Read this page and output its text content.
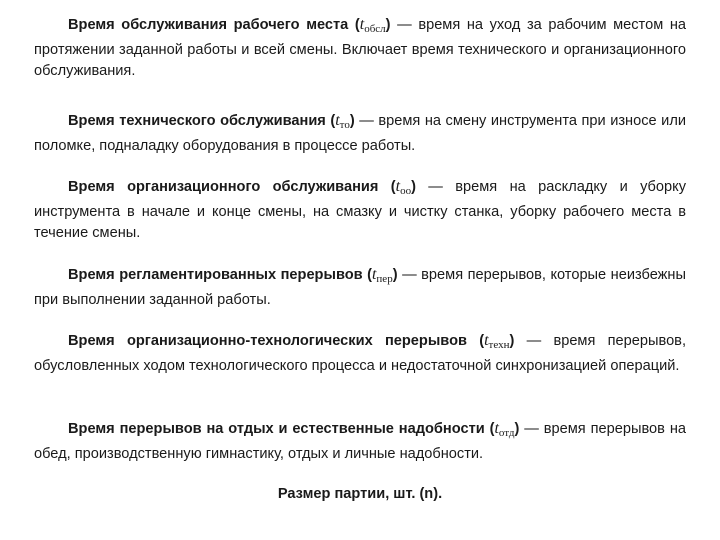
Время обслуживания рабочего места $(t_{обсл})$ — время на уход за рабочим местом на протяжении заданной работы и всей смены. Включает время технического и организационного обслуживания.

Время технического обслуживания $(t_{то})$ — время на смену инструмента при износе или поломке, подналадку оборудования в процессе работы.

Время организационного обслуживания $(t_{оо})$ — время на раскладку и уборку инструмента в начале и конце смены, на смазку и чистку станка, уборку рабочего места в течение смены.

Время регламентированных перерывов $(t_{пер})$ — время перерывов, которые неизбежны при выполнении заданной работы.

Время организационно-технологических перерывов $(t_{техн})$ — время перерывов, обусловленных ходом технологического процесса и недостаточной синхронизацией операций.

Время перерывов на отдых и естественные надобности $(t_{отд})$ — время перерывов на обед, производственную гимнастику, отдых и личные надобности.

Размер партии, шт. (n).
